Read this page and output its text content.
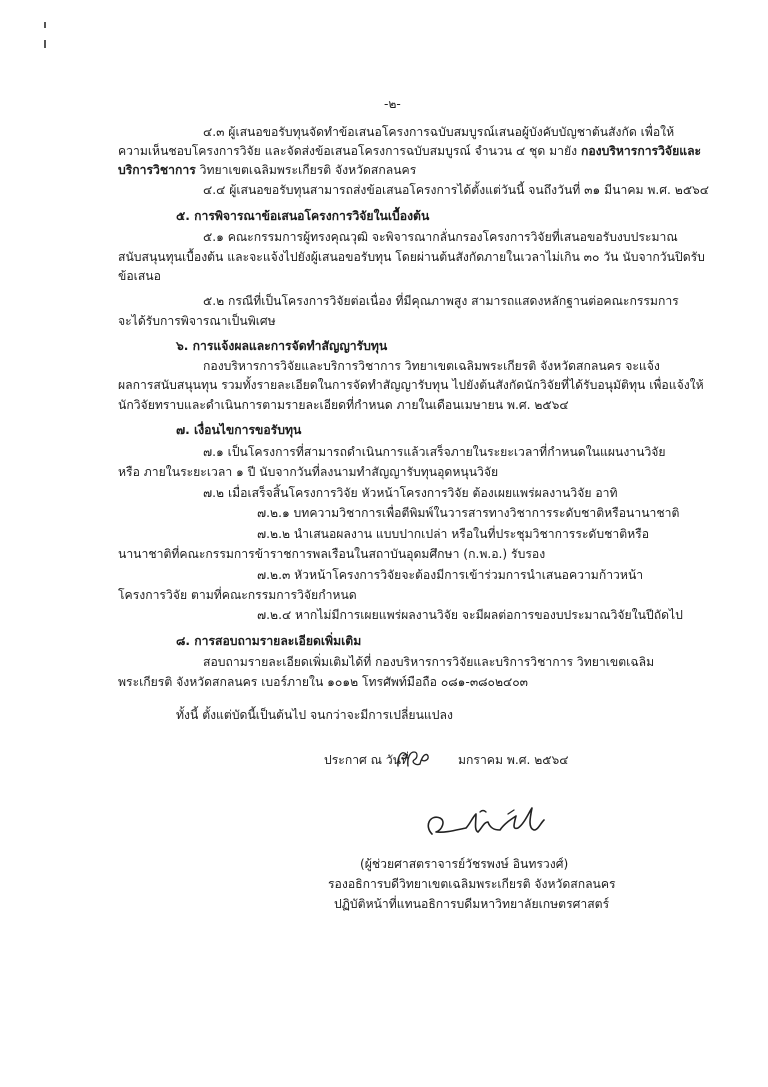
-๒-
๔.๓ ผู้เสนอขอรับทุนจัดทำข้อเสนอโครงการฉบับสมบูรณ์เสนอผู้บังคับบัญชาต้นสังกัด เพื่อให้
ความเห็นชอบโครงการวิจัย และจัดส่งข้อเสนอโครงการฉบับสมบูรณ์ จำนวน ๔ ชุด มายัง กองบริหารการวิจัยและ
บริการวิชาการ วิทยาเขตเฉลิมพระเกียรติ จังหวัดสกลนคร
๔.๔ ผู้เสนอขอรับทุนสามารถส่งข้อเสนอโครงการได้ตั้งแต่วันนี้ จนถึงวันที่ ๓๑ มีนาคม พ.ศ. ๒๕๖๔
๕. การพิจารณาข้อเสนอโครงการวิจัยในเบื้องต้น
๕.๑ คณะกรรมการผู้ทรงคุณวุฒิ จะพิจารณากลั่นกรองโครงการวิจัยที่เสนอขอรับงบประมาณ
สนับสนุนทุนเบื้องต้น และจะแจ้งไปยังผู้เสนอขอรับทุน โดยผ่านต้นสังกัดภายในเวลาไม่เกิน ๓๐ วัน นับจากวันปิดรับ
ข้อเสนอ
๕.๒ กรณีที่เป็นโครงการวิจัยต่อเนื่อง ที่มีคุณภาพสูง สามารถแสดงหลักฐานต่อคณะกรรมการ
จะได้รับการพิจารณาเป็นพิเศษ
๖. การแจ้งผลและการจัดทำสัญญารับทุน
กองบริหารการวิจัยและบริการวิชาการ วิทยาเขตเฉลิมพระเกียรติ จังหวัดสกลนคร จะแจ้ง
ผลการสนับสนุนทุน รวมทั้งรายละเอียดในการจัดทำสัญญารับทุน ไปยังต้นสังกัดนักวิจัยที่ได้รับอนุมัติทุน เพื่อแจ้งให้
นักวิจัยทราบและดำเนินการตามรายละเอียดที่กำหนด ภายในเดือนเมษายน พ.ศ. ๒๕๖๔
๗. เงื่อนไขการขอรับทุน
๗.๑ เป็นโครงการที่สามารถดำเนินการแล้วเสร็จภายในระยะเวลาที่กำหนดในแผนงานวิจัย
หรือ ภายในระยะเวลา ๑ ปี นับจากวันที่ลงนามทำสัญญารับทุนอุดหนุนวิจัย
๗.๒ เมื่อเสร็จสิ้นโครงการวิจัย หัวหน้าโครงการวิจัย ต้องเผยแพร่ผลงานวิจัย อาทิ
๗.๒.๑ บทความวิชาการเพื่อตีพิมพ์ในวารสารทางวิชาการระดับชาติหรือนานาชาติ
๗.๒.๒ นำเสนอผลงาน แบบปากเปล่า หรือในที่ประชุมวิชาการระดับชาติหรือ
นานาชาติที่คณะกรรมการข้าราชการพลเรือนในสถาบันอุดมศึกษา (ก.พ.อ.) รับรอง
๗.๒.๓ หัวหน้าโครงการวิจัยจะต้องมีการเข้าร่วมการนำเสนอความก้าวหน้า
โครงการวิจัย ตามที่คณะกรรมการวิจัยกำหนด
๗.๒.๔ หากไม่มีการเผยแพร่ผลงานวิจัย จะมีผลต่อการของบประมาณวิจัยในปีถัดไป
๘. การสอบถามรายละเอียดเพิ่มเติม
สอบถามรายละเอียดเพิ่มเติมได้ที่ กองบริหารการวิจัยและบริการวิชาการ วิทยาเขตเฉลิม
พระเกียรติ จังหวัดสกลนคร เบอร์ภายใน ๑๐๑๒ โทรศัพท์มือถือ ๐๘๑-๓๘๐๒๔๐๓
ทั้งนี้ ตั้งแต่บัดนี้เป็นต้นไป จนกว่าจะมีการเปลี่ยนแปลง
ประกาศ ณ วันที่	มกราคม พ.ศ. ๒๕๖๔
(ผู้ช่วยศาสตราจารย์วัชรพงษ์ อินทรวงศ์)
รองอธิการบดีวิทยาเขตเฉลิมพระเกียรติ จังหวัดสกลนคร
ปฏิบัติหน้าที่แทนอธิการบดีมหาวิทยาลัยเกษตรศาสตร์
